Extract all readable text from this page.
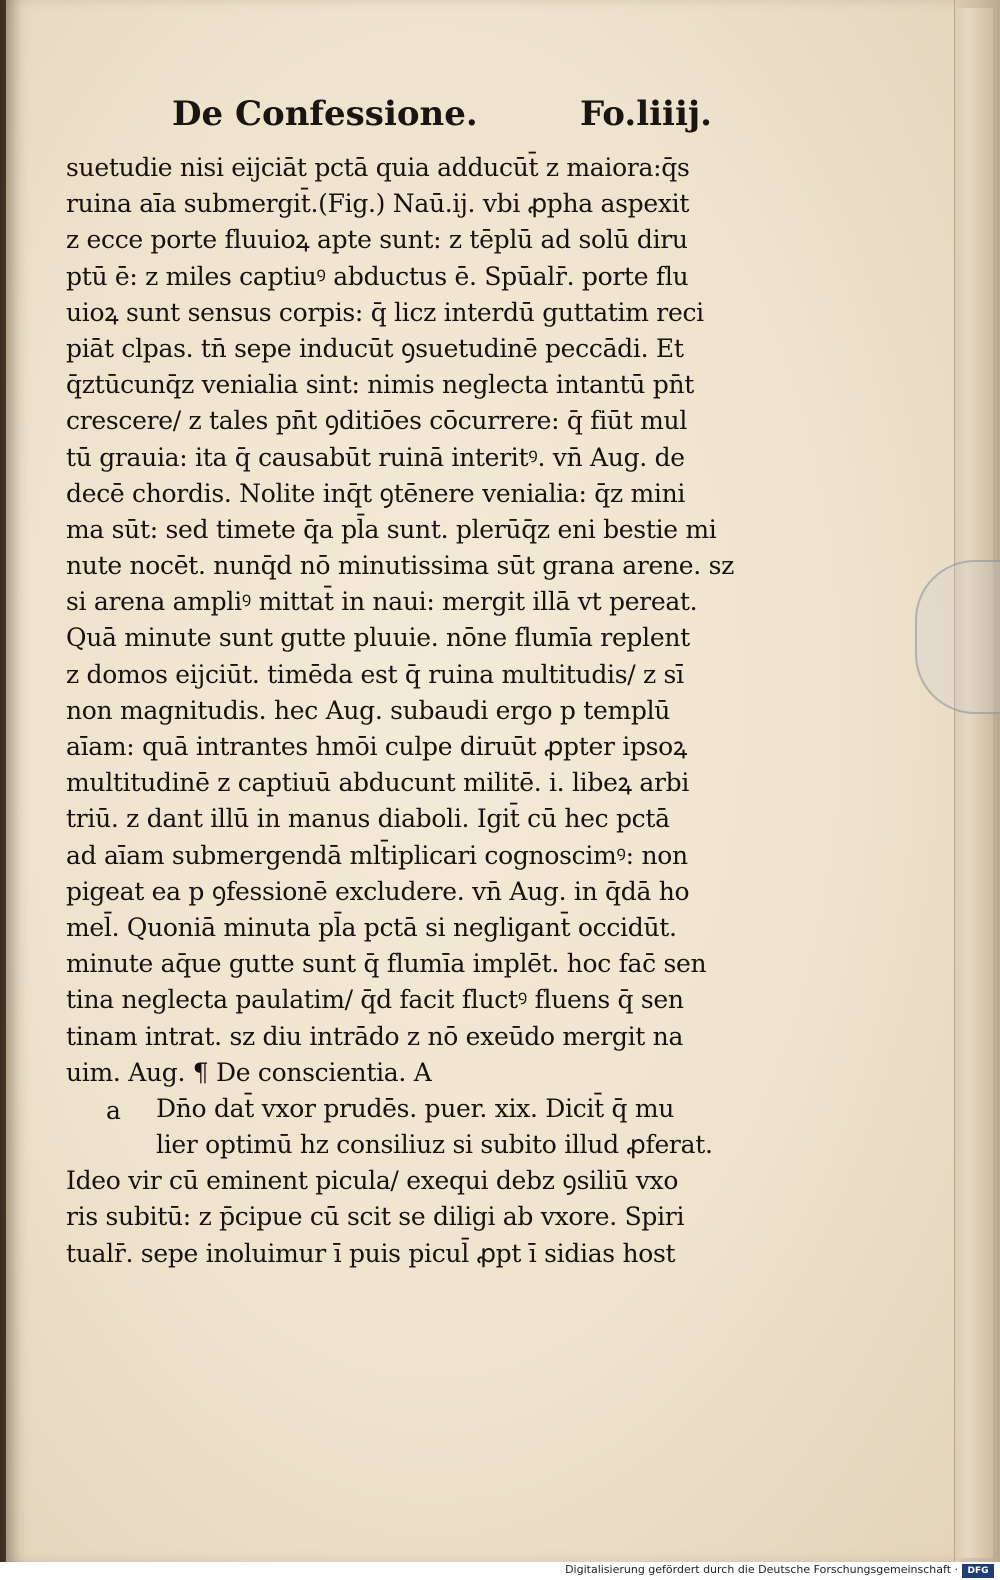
De Confessione.	Fo.liiij.
suetudie nisi eijciāt pctā quia adducūt̄ z maiora:q̄s
ruina aīa submergit̄.(Fig.) Naū.ij. vbi ꝓpha aspexit
z ecce porte fluuioꝝ apte sunt: z tēplū ad solū diru
ptū ē: z miles captiuꝰ abductus ē. Spūalr̄. porte flu
uioꝝ sunt sensus corpis: q̄ licz interdū guttatim reci
piāt clpas. tn̄ sepe inducūt ꝯsuetudinē peccādi. Et
q̄ztūcunq̄z venialia sint: nimis neglecta intantū pn̄t
crescere/ z tales pn̄t ꝯditiōes cōcurrere: q̄ fiūt mul
tū grauia: ita q̄ causabūt ruinā interitꝰ. vn̄ Aug. de
decē chordis. Nolite inq̄t ꝯtēnere venialia: q̄z mini
ma sūt: sed timete q̄a pl̄a sunt. plerūq̄z eni bestie mi
nute nocēt. nunq̄d nō minutissima sūt grana arene. sz
si arena ampliꝰ mittat̄ in naui: mergit illā vt pereat.
Quā minute sunt gutte pluuie. nōne flumīa replent
z domos eijciūt. timēda est q̄ ruina multitudis/ z sī
non magnitudis. hec Aug. subaudi ergo p templū
aīam: quā intrantes hmōi culpe diruūt ꝓpter ipsoꝝ
multitudinē z captiuū abducunt militē. i. libeꝝ arbi
triū. z dant illū in manus diaboli. Igit̄ cū hec pctā
ad aīam submergendā mlt̄iplicari cognoscimꝰ: non
pigeat ea p ꝯfessionē excludere. vn̄ Aug. in q̄dā ho
mel̄. Quoniā minuta pl̄a pctā si negligant̄ occidūt.
minute aq̄ue gutte sunt q̄ flumīa implēt. hoc fac̄ sen
tina neglecta paulatim/ q̄d facit fluctꝰ fluens q̄ sen
tinam intrat. sz diu intrādo z nō exeūdo mergit na
uim. Aug. ¶ De conscientia. A
Dn̄o dat̄ vxor prudēs. puer. xix. Dicit̄ q̄ mu
lier optimū hz consiliuz si subito illud ꝓferat.
Ideo vir cū eminent picula/ exequi debz ꝯsiliū vxo
ris subitū: z p̄cipue cū scit se diligi ab vxore. Spiri
tualr̄. sepe inoluimur ī puis picul̄ ꝓpt ī sidias host
a
Digitalisierung gefördert durch die Deutsche Forschungsgemeinschaft ·	DFG
